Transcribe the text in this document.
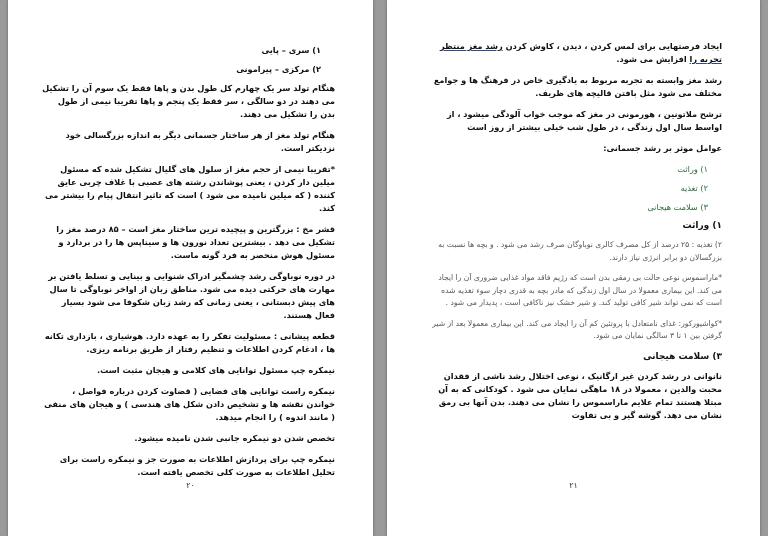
۱) سری – پایی

۲) مرکزی – پیرامونی

هنگام تولد سر یک چهارم کل طول بدن و پاها فقط یک سوم آن را تشکیل می دهند در دو سالگی ، سر فقط یک پنجم و پاها تقریبا نیمی از طول بدن را تشکیل می دهند.

هنگام تولد مغز از هر ساختار جسمانی دیگر به اندازه بزرگسالی خود نزدیکتر است.

*تقریبا نیمی از حجم مغز از سلول های گلیال تشکیل شده که مسئول میلین دار کردن ، یعنی پوشاندن رشته های عصبی با غلاف چربی عایق کننده ( که میلین نامیده می شود ) است که تاثیر انتقال پیام را بیشتر می کند.

قشر مخ : بزرگترین و پیچیده ترین ساختار مغز است – ۸۵ درصد مغز را تشکیل می دهد . بیشترین تعداد نورون ها و سیناپس ها را در بردارد و مسئول هوش منحصر به فرد گونه ماست.

در دوره نوباوگی رشد چشمگیر ادراک شنوایی و بینایی و تسلط یافتن بر مهارت های حرکتی دیده می شود. مناطق زبان از اواخر نوباوگی تا سال های پیش دبستانی ، یعنی زمانی که رشد زبان شکوفا می شود بسیار فعال هستند.

قطعه پیشانی : مسئولیت تفکر را به عهده دارد. هوشیاری ، بازداری تکانه ها ، ادغام کردن اطلاعات و تنظیم رفتار از طریق برنامه ریزی.

نیمکره چپ مسئول توانایی های کلامی و هیجان مثبت است.

نیمکره راست توانایی های فضایی ( قضاوت کردن درباره فواصل ، خواندن نقشه ها و تشخیص دادن شکل های هندسی ) و هیجان های منفی ( مانند اندوه ) را انجام میدهد.

تخصص شدن دو نیمکره جانبی شدن نامیده میشود.

نیمکره چپ برای پردازش اطلاعات به صورت جز و نیمکره راست برای تحلیل اطلاعات به صورت کلی تخصص یافته است.

۲۰

ایجاد فرصتهایی برای لمس کردن ، دیدن ، کاوش کردن رشد مغز منتظر تجربه را افزایش می شود.

رشد مغز وابسته به تجربه مربوط به یادگیری خاص در فرهنگ ها و جوامع مختلف می شود مثل بافتن قالیچه های ظریف.

ترشح ملاتونین ، هورمونی در مغز که موجب خواب آلودگی میشود ، از اواسط سال اول زندگی ، در طول شب خیلی بیشتر از روز است

عوامل موثر بر رشد جسمانی:

۱) وراثت

۲) تغذیه

۳) سلامت هیجانی

۱) وراثت

۲) تغذیه : ۲۵ درصد از کل مصرف کالری نوباوگان صرف رشد می شود . و بچه ها نسبت به بزرگسالان دو برابر انرژی نیاز دارند.

*ماراسموس نوعی حالت بی رمقی بدن است که رژیم فاقد مواد غذایی ضروری آن را ایجاد می کند. این بیماری معمولا در سال اول زندگی که مادر بچه به قدری دچار سوء تغذیه شده است که نمی تواند شیر کافی تولید کند. و شیر خشک نیز ناکافی است ، پدیدار می شود .

*کواشیورکور: غذای نامتعادل با پروتئین کم آن را ایجاد می کند. این بیماری معمولا بعد از شیر گرفتن بین ۱ تا ۳ سالگی نمایان می شود.

۳) سلامت هیجانی

نانوانی در رشد کردن غیر ارگانیک ، نوعی اختلال رشد ناشی از فقدان محبت والدین ، معمولا در ۱۸ ماهگی نمایان می شود . کودکانی که به آن مبتلا هستند تمام علایم ماراسموس را نشان می دهند. بدن آنها بی رمق نشان می دهد. گوشه گیر و بی تفاوت

۲۱
